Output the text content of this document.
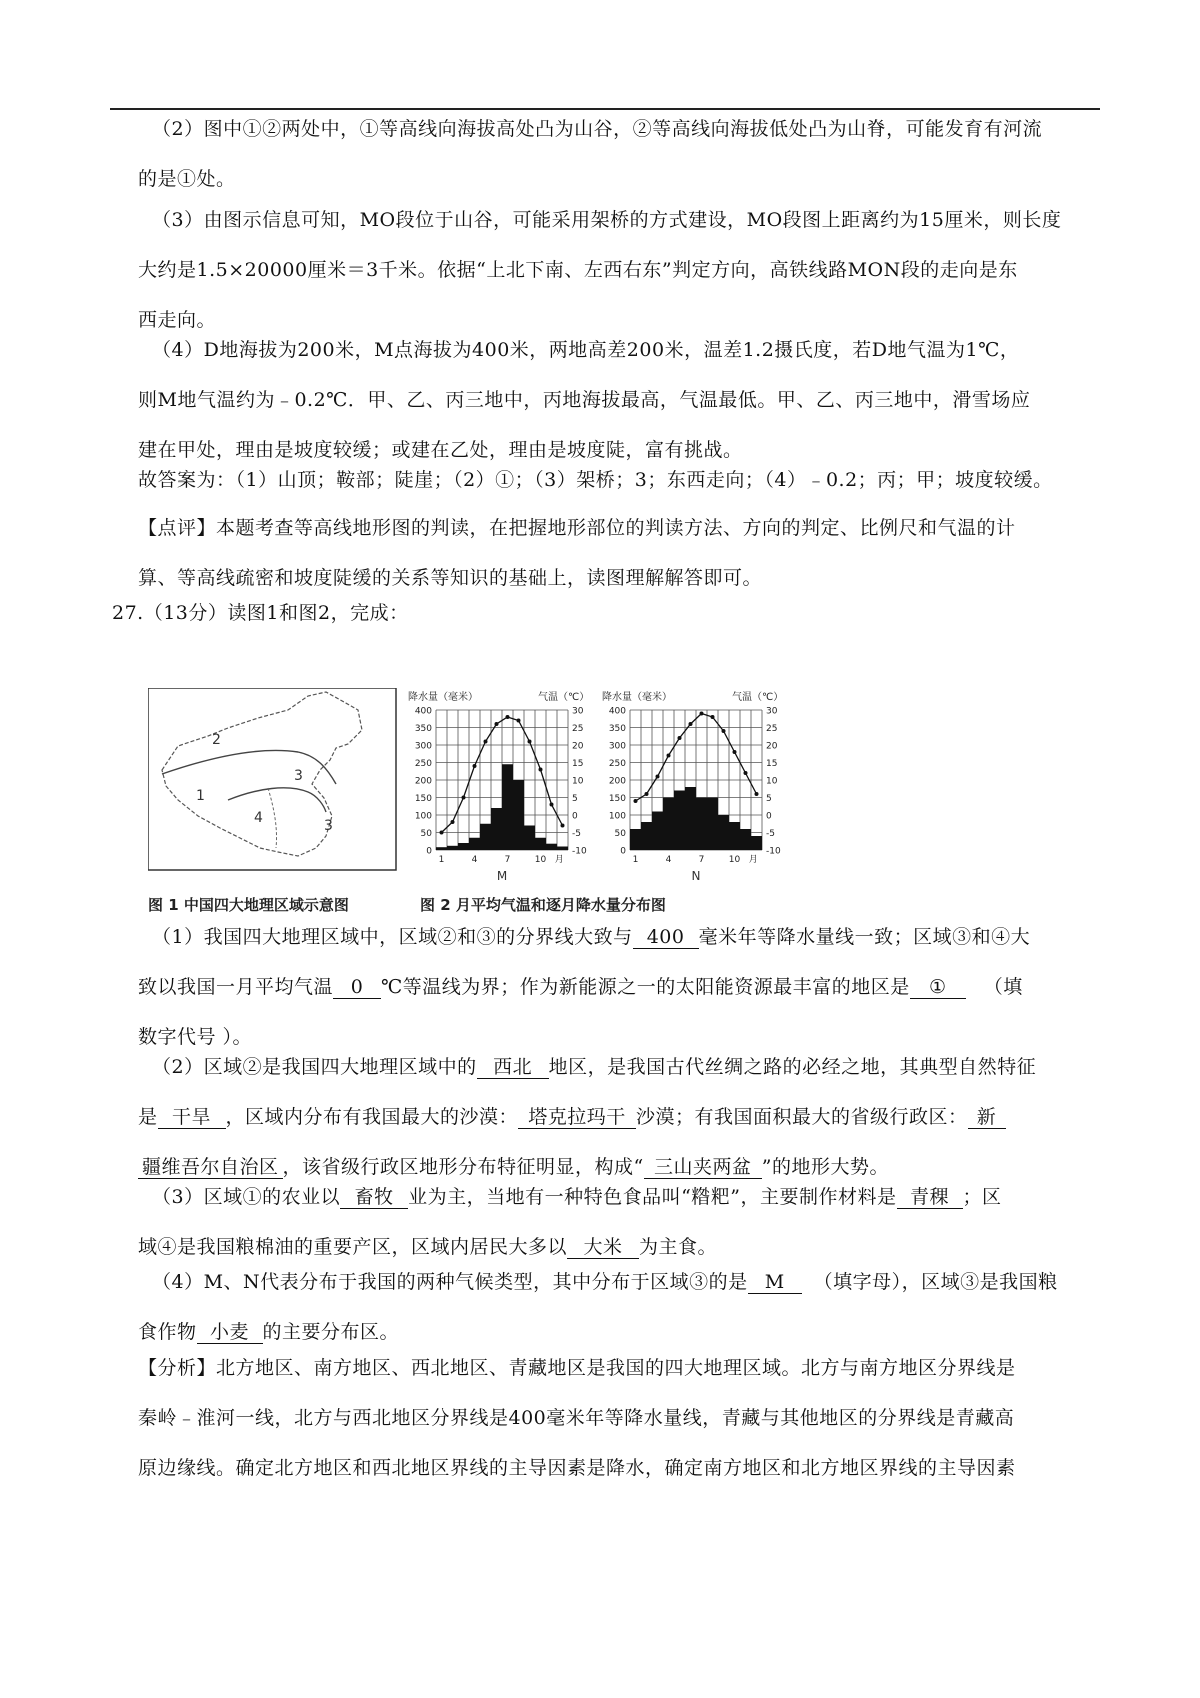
（2）图中①②两处中，①等高线向海拔高处凸为山谷，②等高线向海拔低处凸为山脊，可能发育有河流
的是①处。
（3）由图示信息可知，MO段位于山谷，可能采用架桥的方式建设，MO段图上距离约为15厘米，则长度
大约是1.5×20000厘米＝3千米。依据“上北下南、左西右东”判定方向，高铁线路MON段的走向是东
西走向。
（4）D地海拔为200米，M点海拔为400米，两地高差200米，温差1.2摄氏度，若D地气温为1℃，
则M地气温约为﹣0.2℃．甲、乙、丙三地中，丙地海拔最高，气温最低。甲、乙、丙三地中，滑雪场应
建在甲处，理由是坡度较缓；或建在乙处，理由是坡度陡，富有挑战。
故答案为：（1）山顶；鞍部；陡崖；（2）①；（3）架桥；3；东西走向；（4）﹣0.2；丙；甲；坡度较缓。
【点评】本题考查等高线地形图的判读，在把握地形部位的判读方法、方向的判定、比例尺和气温的计
算、等高线疏密和坡度陡缓的关系等知识的基础上，读图理解解答即可。
27.（13分）读图1和图2，完成：
2
3
1
4	3
降水量（毫米）	气温（℃）
400	30
350	25
300	20
250	15
200	10
150	5
100	0
50	-5
0	-10
1	4	7	10 月
M
降水量（毫米）	气温（℃）
400	30
350	25
300	20
250	15
200	10
150	5
100	0
50	-5
0	-10
1	4	7	10 月
N
图 1 中国四大地理区域示意图	图 2 月平均气温和逐月降水量分布图
（1）我国四大地理区域中，区域②和③的分界线大致与 400 毫米年等降水量线一致；区域③和④大
致以我国一月平均气温 0 ℃等温线为界；作为新能源之一的太阳能资源最丰富的地区是 ① （填
数字代号 ）。
（2）区域②是我国四大地理区域中的 西北 地区，是我国古代丝绸之路的必经之地，其典型自然特征
是 干旱 ，区域内分布有我国最大的沙漠： 塔克拉玛干 沙漠；有我国面积最大的省级行政区： 新
疆维吾尔自治区 ，该省级行政区地形分布特征明显，构成“ 三山夹两盆 ”的地形大势。
（3）区域①的农业以 畜牧 业为主，当地有一种特色食品叫“糌粑”，主要制作材料是 青稞 ；区
域④是我国粮棉油的重要产区，区域内居民大多以 大米 为主食。
（4）M、N代表分布于我国的两种气候类型，其中分布于区域③的是 M （填字母），区域③是我国粮
食作物 小麦 的主要分布区。
【分析】北方地区、南方地区、西北地区、青藏地区是我国的四大地理区域。北方与南方地区分界线是
秦岭﹣淮河一线，北方与西北地区分界线是400毫米年等降水量线，青藏与其他地区的分界线是青藏高
原边缘线。确定北方地区和西北地区界线的主导因素是降水，确定南方地区和北方地区界线的主导因素
